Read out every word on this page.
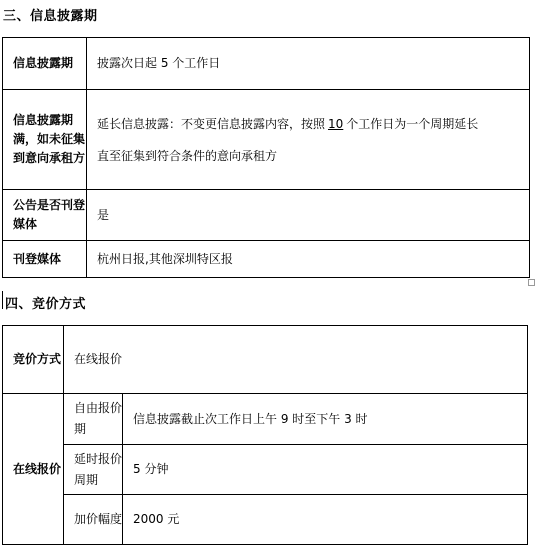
三、信息披露期
信息披露期	披露次日起 5 个工作日
信息披露期满，如未征集到意向承租方	延长信息披露：不变更信息披露内容，按照 10 个工作日为一个周期延长
直至征集到符合条件的意向承租方

公告是否刊登媒体	是
刊登媒体	杭州日报,其他深圳特区报
四、竞价方式
竞价方式	在线报价	
在线报价	自由报价期	信息披露截止次工作日上午 9 时至下午 3 时
	延时报价周期	5 分钟
	加价幅度	2000 元
